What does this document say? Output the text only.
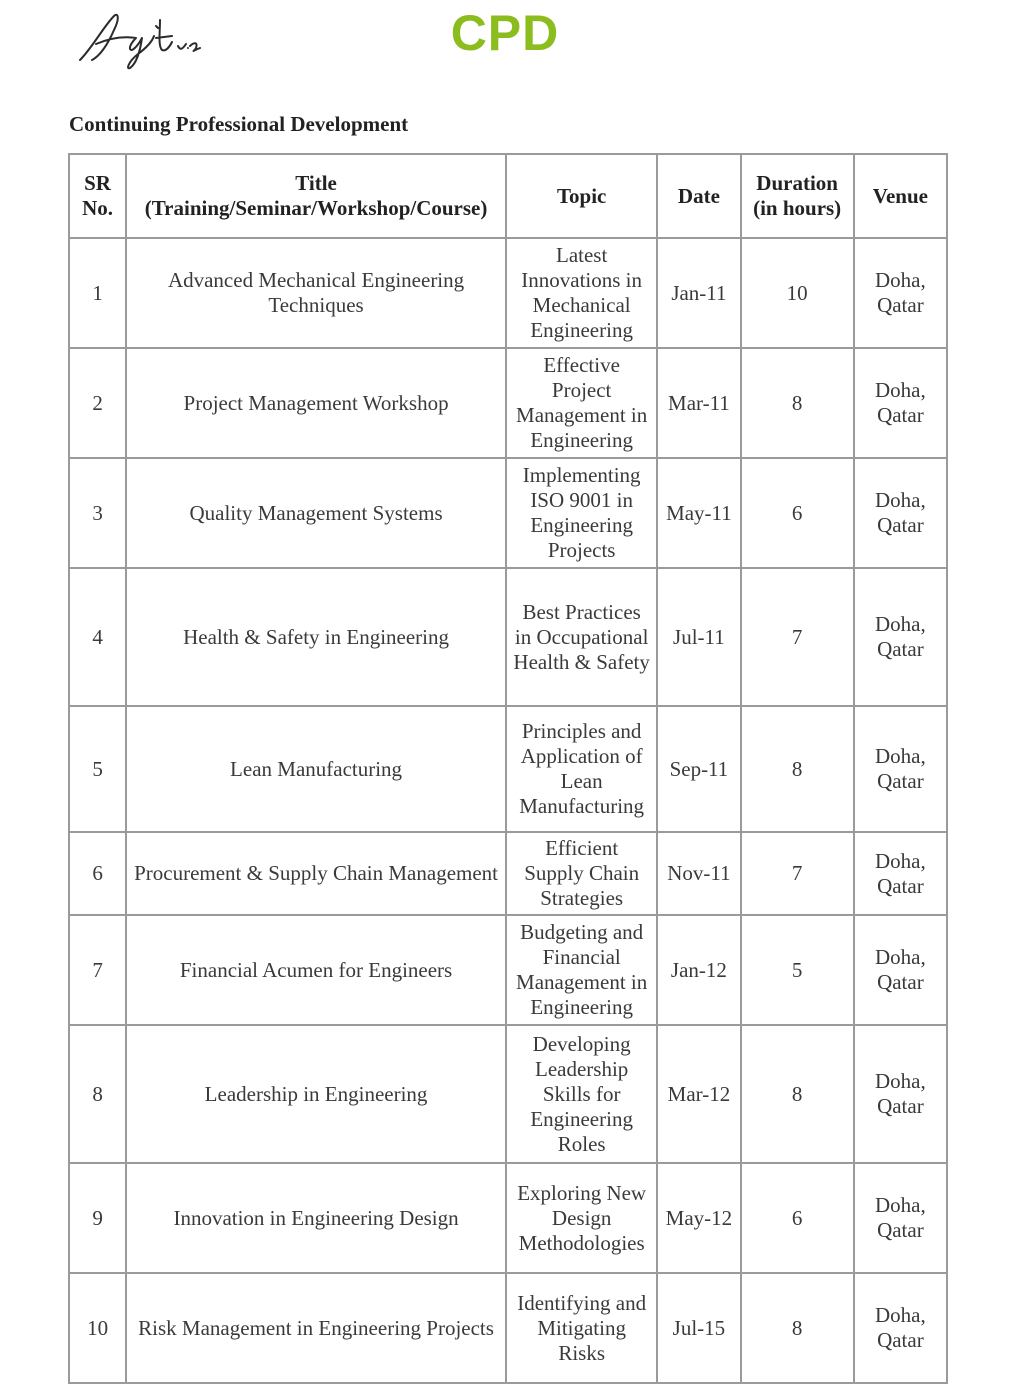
CPD
Continuing Professional Development
SR No.	Title (Training/Seminar/Workshop/Course)	Topic	Date	Duration (in hours)	Venue
1	Advanced Mechanical Engineering Techniques	Latest Innovations in Mechanical Engineering	Jan-11	10	Doha, Qatar
2	Project Management Workshop	Effective Project Management in Engineering	Mar-11	8	Doha, Qatar
3	Quality Management Systems	Implementing ISO 9001 in Engineering Projects	May-11	6	Doha, Qatar
4	Health & Safety in Engineering	Best Practices in Occupational Health & Safety	Jul-11	7	Doha, Qatar
5	Lean Manufacturing	Principles and Application of Lean Manufacturing	Sep-11	8	Doha, Qatar
6	Procurement & Supply Chain Management	Efficient Supply Chain Strategies	Nov-11	7	Doha, Qatar
7	Financial Acumen for Engineers	Budgeting and Financial Management in Engineering	Jan-12	5	Doha, Qatar
8	Leadership in Engineering	Developing Leadership Skills for Engineering Roles	Mar-12	8	Doha, Qatar
9	Innovation in Engineering Design	Exploring New Design Methodologies	May-12	6	Doha, Qatar
10	Risk Management in Engineering Projects	Identifying and Mitigating Risks	Jul-15	8	Doha, Qatar
